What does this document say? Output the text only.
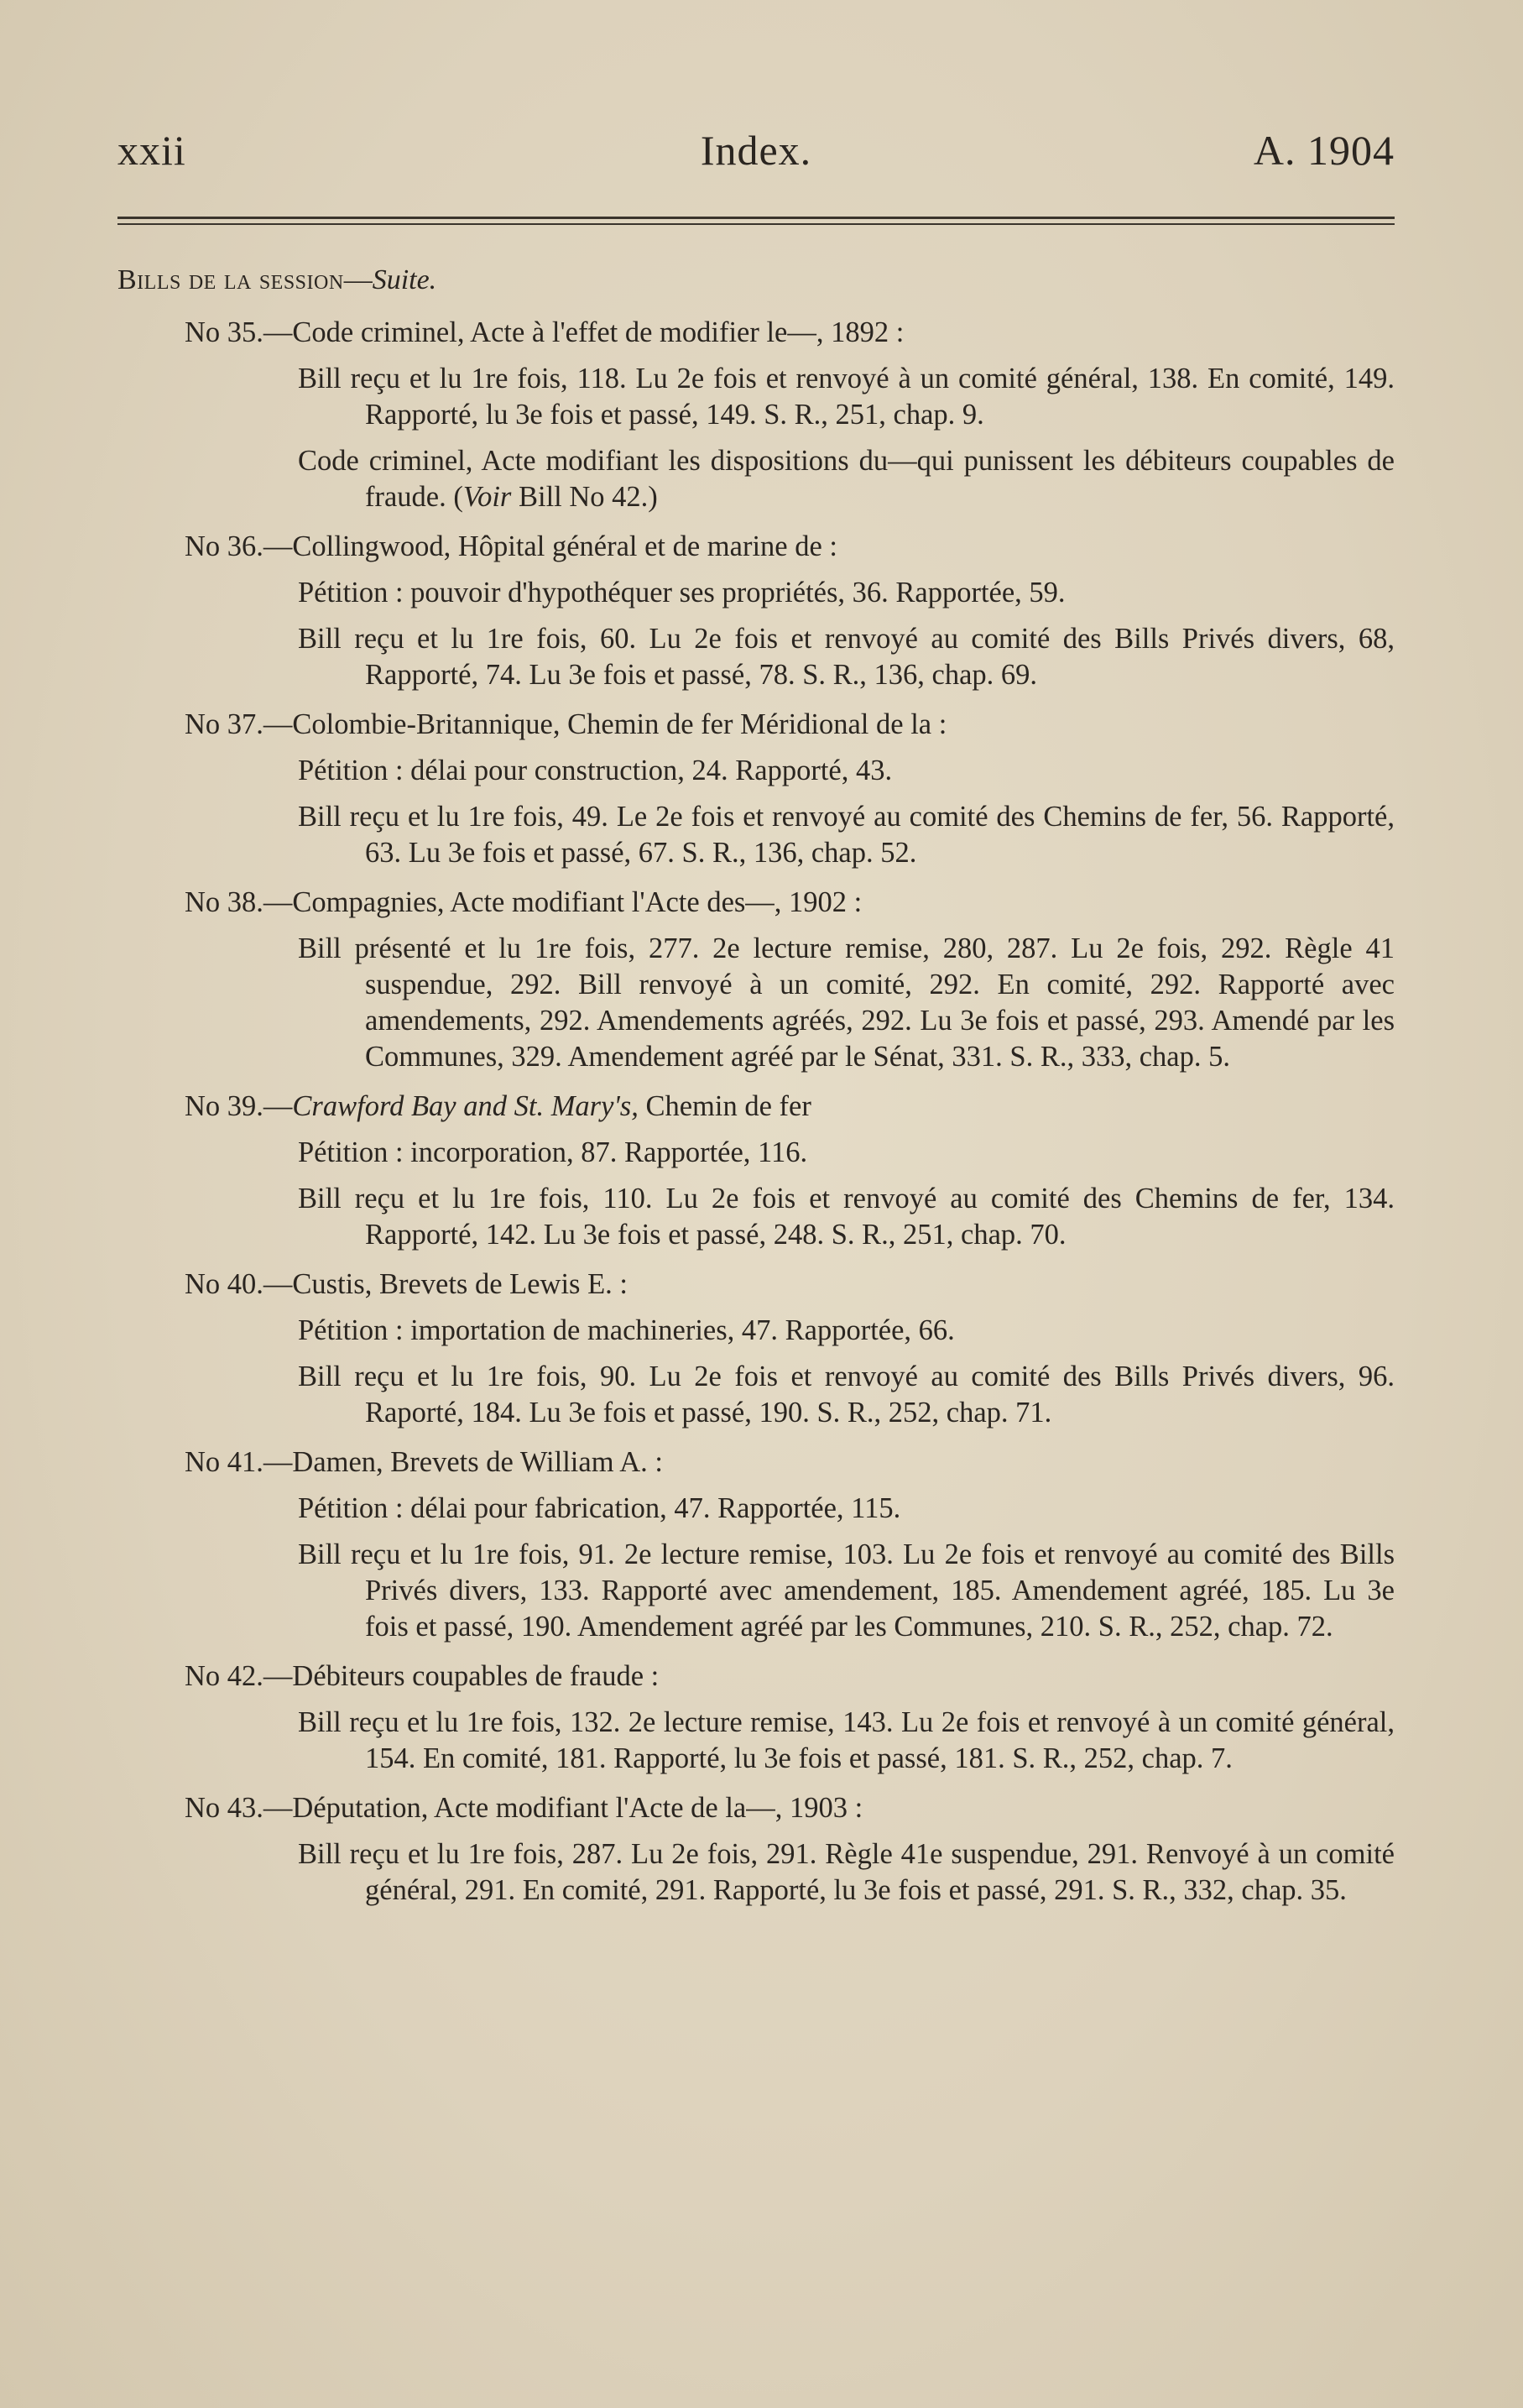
xxii	Index.	A. 1904
Bills de la session—Suite.
No 35.—Code criminel, Acte à l'effet de modifier le—, 1892 :
Bill reçu et lu 1re fois, 118. Lu 2e fois et renvoyé à un comité général, 138. En comité, 149. Rapporté, lu 3e fois et passé, 149. S. R., 251, chap. 9.
Code criminel, Acte modifiant les dispositions du—qui punissent les débiteurs coupables de fraude. (Voir Bill No 42.)
No 36.—Collingwood, Hôpital général et de marine de :
Pétition : pouvoir d'hypothéquer ses propriétés, 36. Rapportée, 59.
Bill reçu et lu 1re fois, 60. Lu 2e fois et renvoyé au comité des Bills Privés divers, 68, Rapporté, 74. Lu 3e fois et passé, 78. S. R., 136, chap. 69.
No 37.—Colombie-Britannique, Chemin de fer Méridional de la :
Pétition : délai pour construction, 24. Rapporté, 43.
Bill reçu et lu 1re fois, 49. Le 2e fois et renvoyé au comité des Chemins de fer, 56. Rapporté, 63. Lu 3e fois et passé, 67. S. R., 136, chap. 52.
No 38.—Compagnies, Acte modifiant l'Acte des—, 1902 :
Bill présenté et lu 1re fois, 277. 2e lecture remise, 280, 287. Lu 2e fois, 292. Règle 41 suspendue, 292. Bill renvoyé à un comité, 292. En comité, 292. Rapporté avec amendements, 292. Amendements agréés, 292. Lu 3e fois et passé, 293. Amendé par les Communes, 329. Amendement agréé par le Sénat, 331. S. R., 333, chap. 5.
No 39.—Crawford Bay and St. Mary's, Chemin de fer
Pétition : incorporation, 87. Rapportée, 116.
Bill reçu et lu 1re fois, 110. Lu 2e fois et renvoyé au comité des Chemins de fer, 134. Rapporté, 142. Lu 3e fois et passé, 248. S. R., 251, chap. 70.
No 40.—Custis, Brevets de Lewis E. :
Pétition : importation de machineries, 47. Rapportée, 66.
Bill reçu et lu 1re fois, 90. Lu 2e fois et renvoyé au comité des Bills Privés divers, 96. Raporté, 184. Lu 3e fois et passé, 190. S. R., 252, chap. 71.
No 41.—Damen, Brevets de William A. :
Pétition : délai pour fabrication, 47. Rapportée, 115.
Bill reçu et lu 1re fois, 91. 2e lecture remise, 103. Lu 2e fois et renvoyé au comité des Bills Privés divers, 133. Rapporté avec amendement, 185. Amendement agréé, 185. Lu 3e fois et passé, 190. Amendement agréé par les Communes, 210. S. R., 252, chap. 72.
No 42.—Débiteurs coupables de fraude :
Bill reçu et lu 1re fois, 132. 2e lecture remise, 143. Lu 2e fois et renvoyé à un comité général, 154. En comité, 181. Rapporté, lu 3e fois et passé, 181. S. R., 252, chap. 7.
No 43.—Députation, Acte modifiant l'Acte de la—, 1903 :
Bill reçu et lu 1re fois, 287. Lu 2e fois, 291. Règle 41e suspendue, 291. Renvoyé à un comité général, 291. En comité, 291. Rapporté, lu 3e fois et passé, 291. S. R., 332, chap. 35.
